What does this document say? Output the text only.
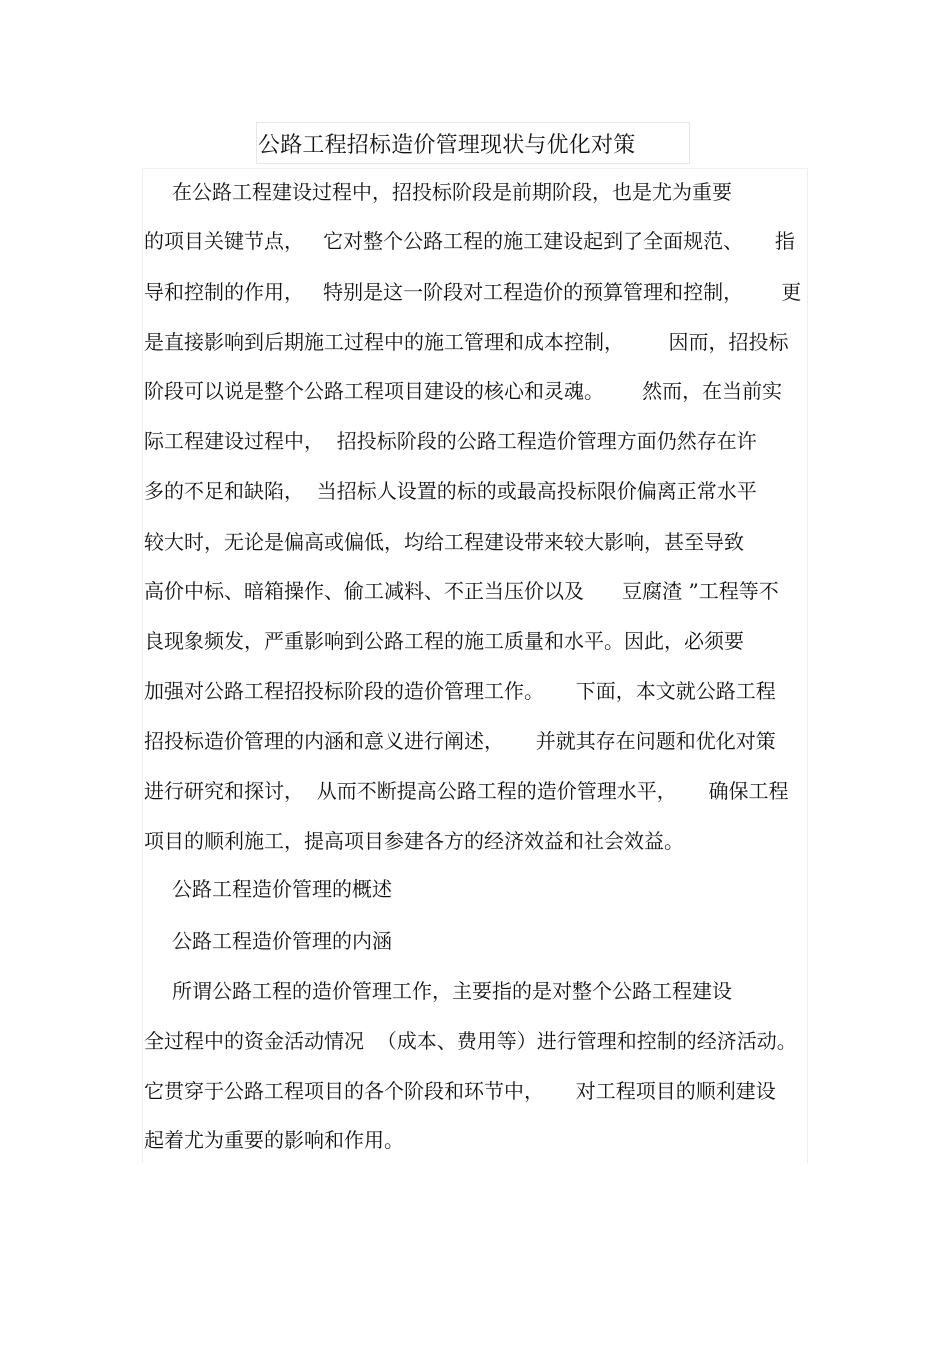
公路工程招标造价管理现状与优化对策
在公路工程建设过程中，招投标阶段是前期阶段，也是尤为重要
的项目关键节点，   它对整个公路工程的施工建设起到了全面规范、     指
导和控制的作用，   特别是这一阶段对工程造价的预算管理和控制，      更
是直接影响到后期施工过程中的施工管理和成本控制，       因而，招投标
阶段可以说是整个公路工程项目建设的核心和灵魂。      然而，在当前实
际工程建设过程中，  招投标阶段的公路工程造价管理方面仍然存在许
多的不足和缺陷，  当招标人设置的标的或最高投标限价偏离正常水平
较大时，无论是偏高或偏低，均给工程建设带来较大影响，甚至导致
高价中标、暗箱操作、偷工减料、不正当压价以及      豆腐渣 ”工程等不
良现象频发，严重影响到公路工程的施工质量和水平。因此，必须要
加强对公路工程招投标阶段的造价管理工作。     下面，本文就公路工程
招投标造价管理的内涵和意义进行阐述，     并就其存在问题和优化对策
进行研究和探讨，  从而不断提高公路工程的造价管理水平，     确保工程
项目的顺利施工，提高项目参建各方的经济效益和社会效益。
公路工程造价管理的概述
公路工程造价管理的内涵
所谓公路工程的造价管理工作，主要指的是对整个公路工程建设
全过程中的资金活动情况  （成本、费用等）进行管理和控制的经济活动。
它贯穿于公路工程项目的各个阶段和环节中，     对工程项目的顺利建设
起着尤为重要的影响和作用。
